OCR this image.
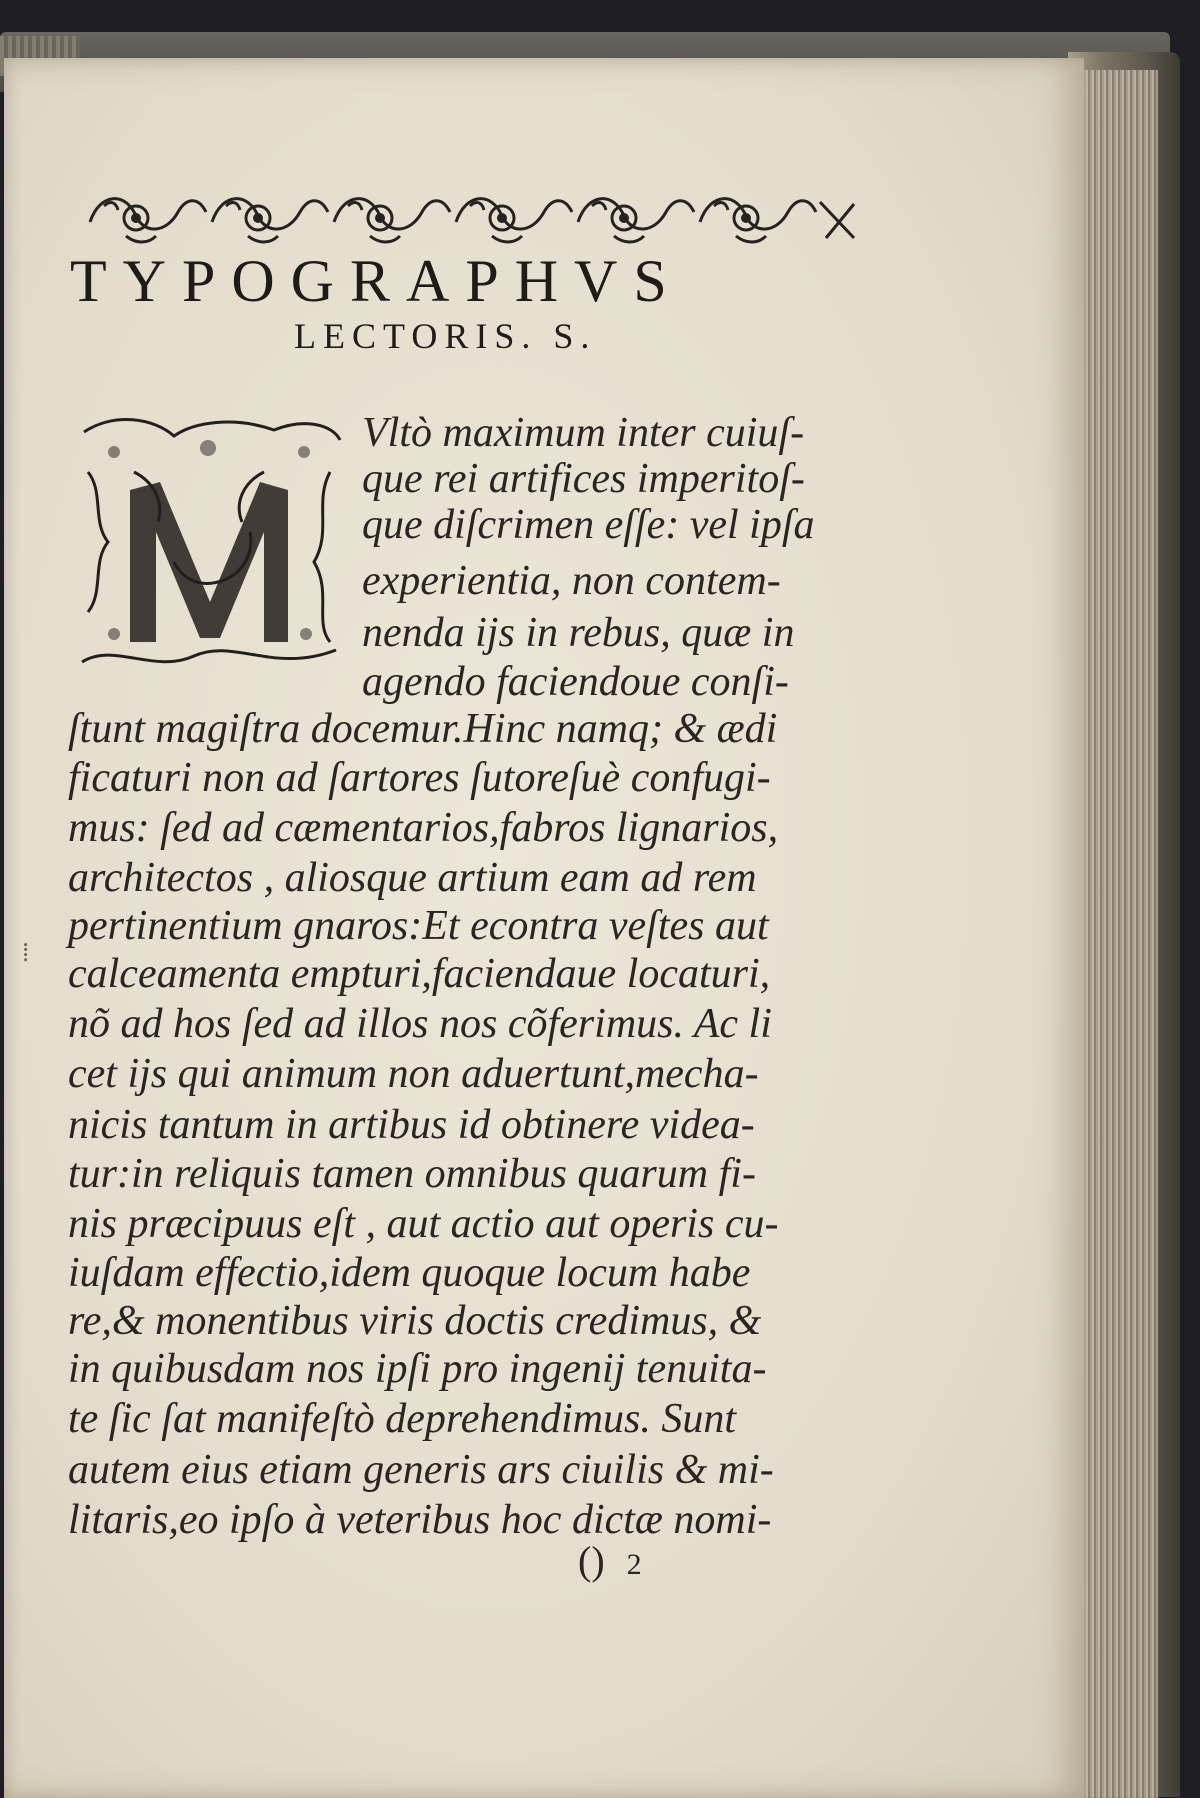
TYPOGRAPHVS
LECTORIS. S.

Vltò maximum inter cuiuſ-

que rei artifices imperitoſ-

que diſcrimen eſſe: vel ipſa

experientia, non contem-

nenda ijs in rebus, quæ in

agendo faciendoue conſi-

ſtunt magiſtra docemur.Hinc namq; & ædi

ficaturi non ad ſartores ſutoreſuè confugi-

mus: ſed ad cæmentarios,fabros lignarios,

architectos , aliosque artium eam ad rem

pertinentium gnaros:Et econtra veſtes aut

calceamenta empturi,faciendaue locaturi,

nõ ad hos ſed ad illos nos cõferimus. Ac li

cet ijs qui animum non aduertunt,mecha-

nicis tantum in artibus id obtinere videa-

tur:in reliquis tamen omnibus quarum fi-

nis præcipuus eſt , aut actio aut operis cu-

iuſdam effectio,idem quoque locum habe

re,& monentibus viris doctis credimus, &

in quibusdam nos ipſi pro ingenij tenuita-

te ſic ſat manifeſtò deprehendimus. Sunt

autem eius etiam generis ars ciuilis & mi-

litaris,eo ipſo à veteribus hoc dictæ nomi-

⁞
() 2
